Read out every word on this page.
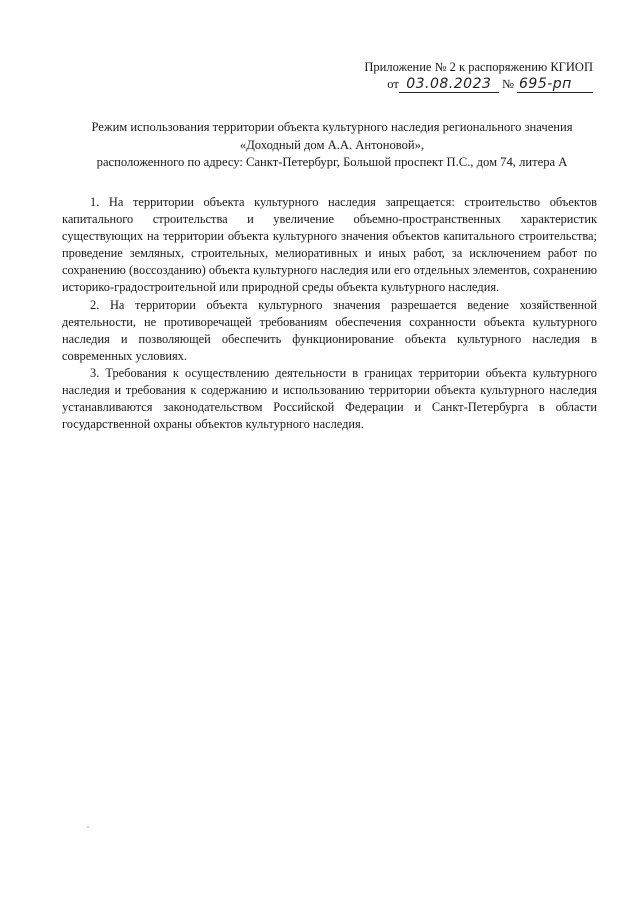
Приложение № 2 к распоряжению КГИОП
от 03.08.2023 № 695-рп
Режим использования территории объекта культурного наследия регионального значения
«Доходный дом А.А. Антоновой»,
расположенного по адресу: Санкт-Петербург, Большой проспект П.С., дом 74, литера А

1. На территории объекта культурного наследия запрещается: строительство объектов капитального строительства и увеличение объемно-пространственных характеристик существующих на территории объекта культурного значения объектов капитального строительства; проведение земляных, строительных, мелиоративных и иных работ, за исключением работ по сохранению (воссозданию) объекта культурного наследия или его отдельных элементов, сохранению историко-градостроительной или природной среды объекта культурного наследия.

2. На территории объекта культурного значения разрешается ведение хозяйственной деятельности, не противоречащей требованиям обеспечения сохранности объекта культурного наследия и позволяющей обеспечить функционирование объекта культурного наследия в современных условиях.

3. Требования к осуществлению деятельности в границах территории объекта культурного наследия и требования к содержанию и использованию территории объекта культурного наследия устанавливаются законодательством Российской Федерации и Санкт-Петербурга в области государственной охраны объектов культурного наследия.
